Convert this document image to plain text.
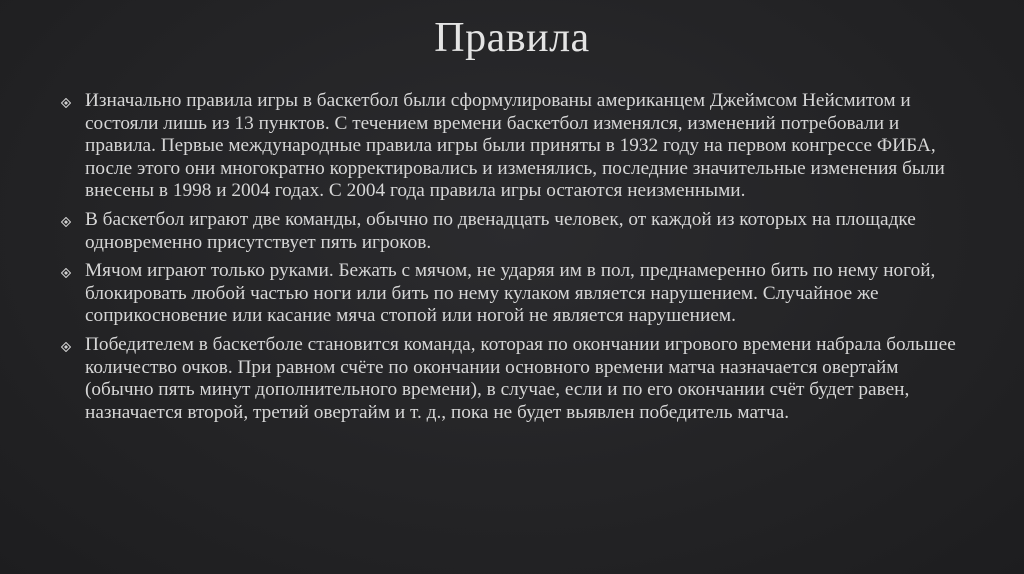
Правила
Изначально правила игры в баскетбол были сформулированы американцем Джеймсом Нейсмитом и состояли лишь из 13 пунктов. С течением времени баскетбол изменялся, изменений потребовали и правила. Первые международные правила игры были приняты в 1932 году на первом конгрессе ФИБА, после этого они многократно корректировались и изменялись, последние значительные изменения были внесены в 1998 и 2004 годах. С 2004 года правила игры остаются неизменными.
В баскетбол играют две команды, обычно по двенадцать человек, от каждой из которых на площадке одновременно присутствует пять игроков.
Мячом играют только руками. Бежать с мячом, не ударяя им в пол, преднамеренно бить по нему ногой, блокировать любой частью ноги или бить по нему кулаком является нарушением. Случайное же соприкосновение или касание мяча стопой или ногой не является нарушением.
Победителем в баскетболе становится команда, которая по окончании игрового времени набрала большее количество очков. При равном счёте по окончании основного времени матча назначается овертайм (обычно пять минут дополнительного времени), в случае, если и по его окончании счёт будет равен, назначается второй, третий овертайм и т. д., пока не будет выявлен победитель матча.
